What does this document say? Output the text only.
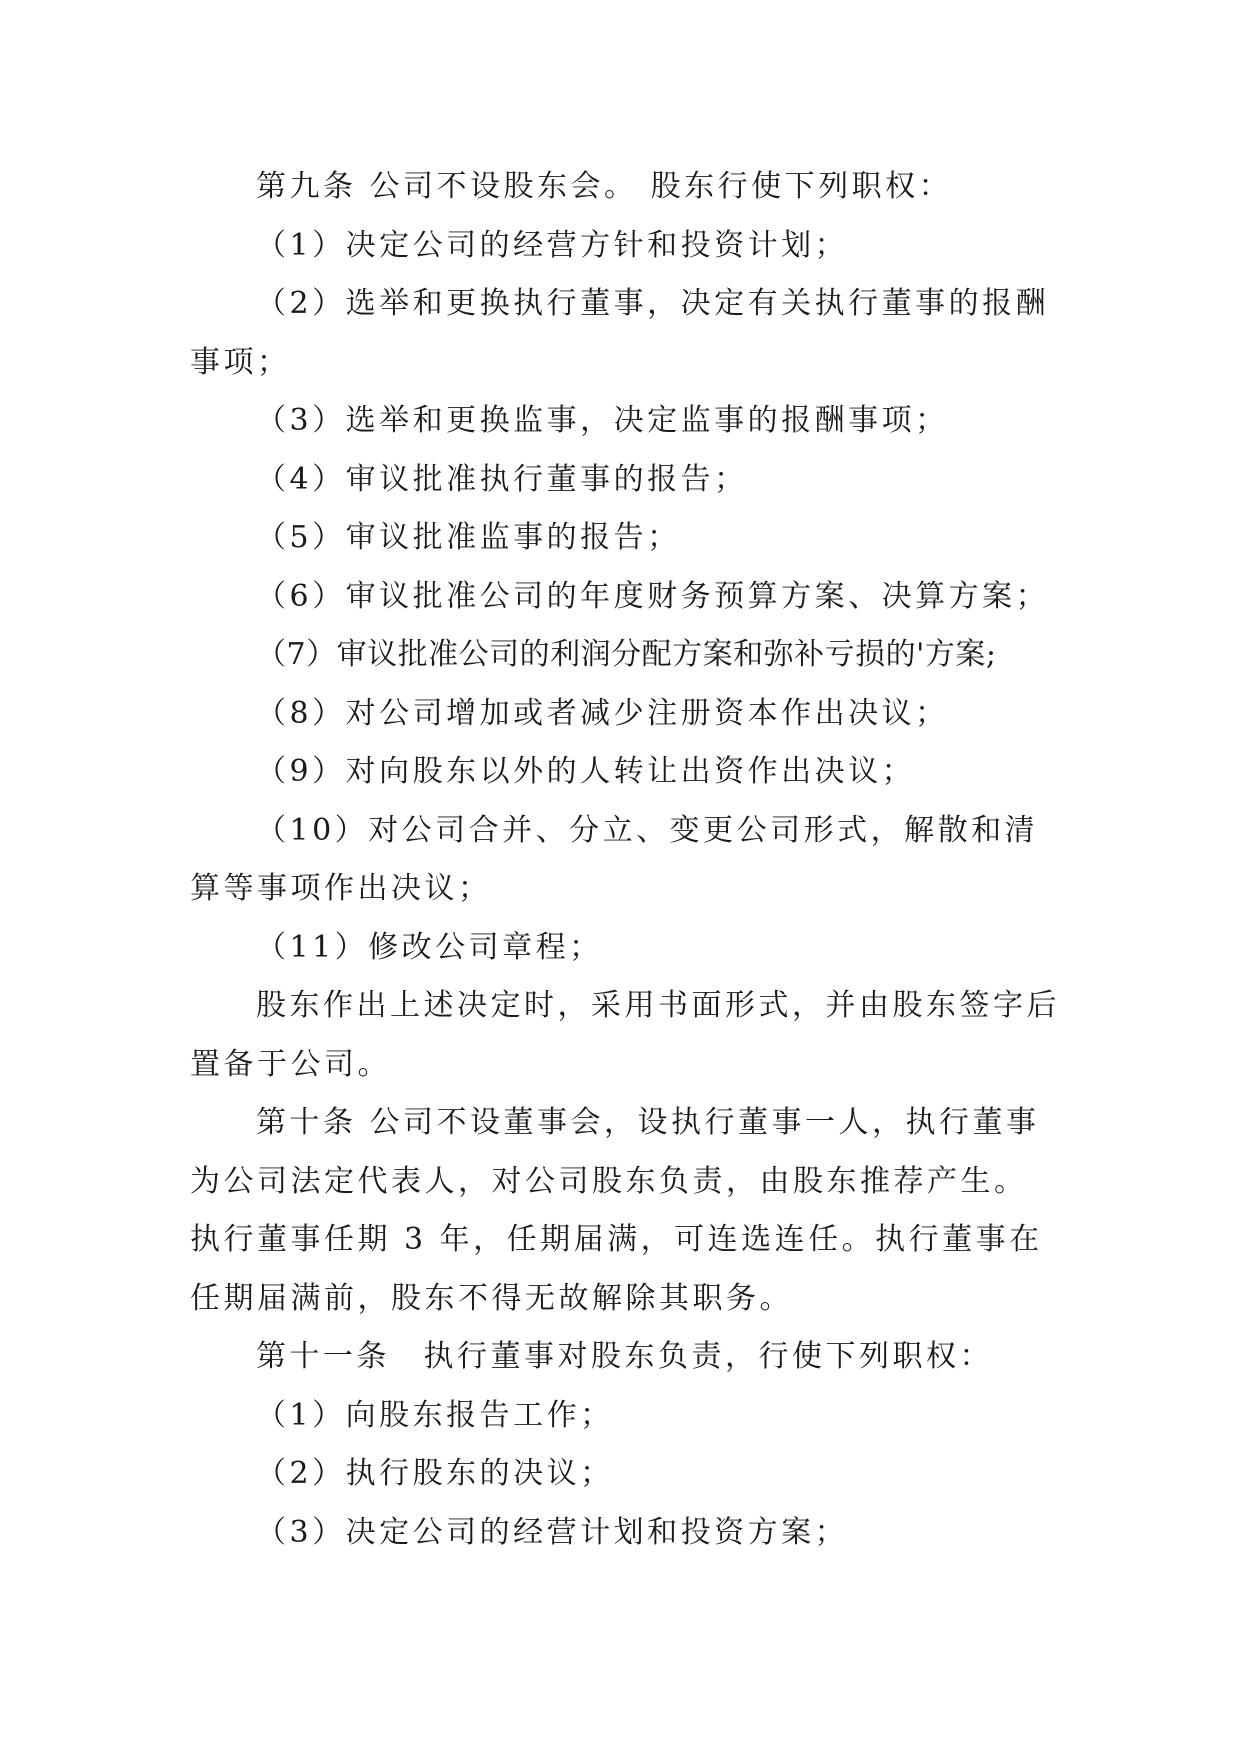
第九条 公司不设股东会。 股东行使下列职权：

（1）决定公司的经营方针和投资计划；

（2）选举和更换执行董事，决定有关执行董事的报酬事项；

（3）选举和更换监事，决定监事的报酬事项；

（4）审议批准执行董事的报告；

（5）审议批准监事的报告；

（6）审议批准公司的年度财务预算方案、决算方案；

（7）审议批准公司的利润分配方案和弥补亏损的'方案;

（8）对公司增加或者减少注册资本作出决议；

（9）对向股东以外的人转让出资作出决议；

（10）对公司合并、分立、变更公司形式，解散和清算等事项作出决议；

（11）修改公司章程；

股东作出上述决定时，采用书面形式，并由股东签字后置备于公司。

第十条 公司不设董事会，设执行董事一人，执行董事为公司法定代表人，对公司股东负责，由股东推荐产生。执行董事任期 3 年，任期届满，可连选连任。执行董事在任期届满前，股东不得无故解除其职务。

第十一条　执行董事对股东负责，行使下列职权：

（1）向股东报告工作；

（2）执行股东的决议；

（3）决定公司的经营计划和投资方案；
